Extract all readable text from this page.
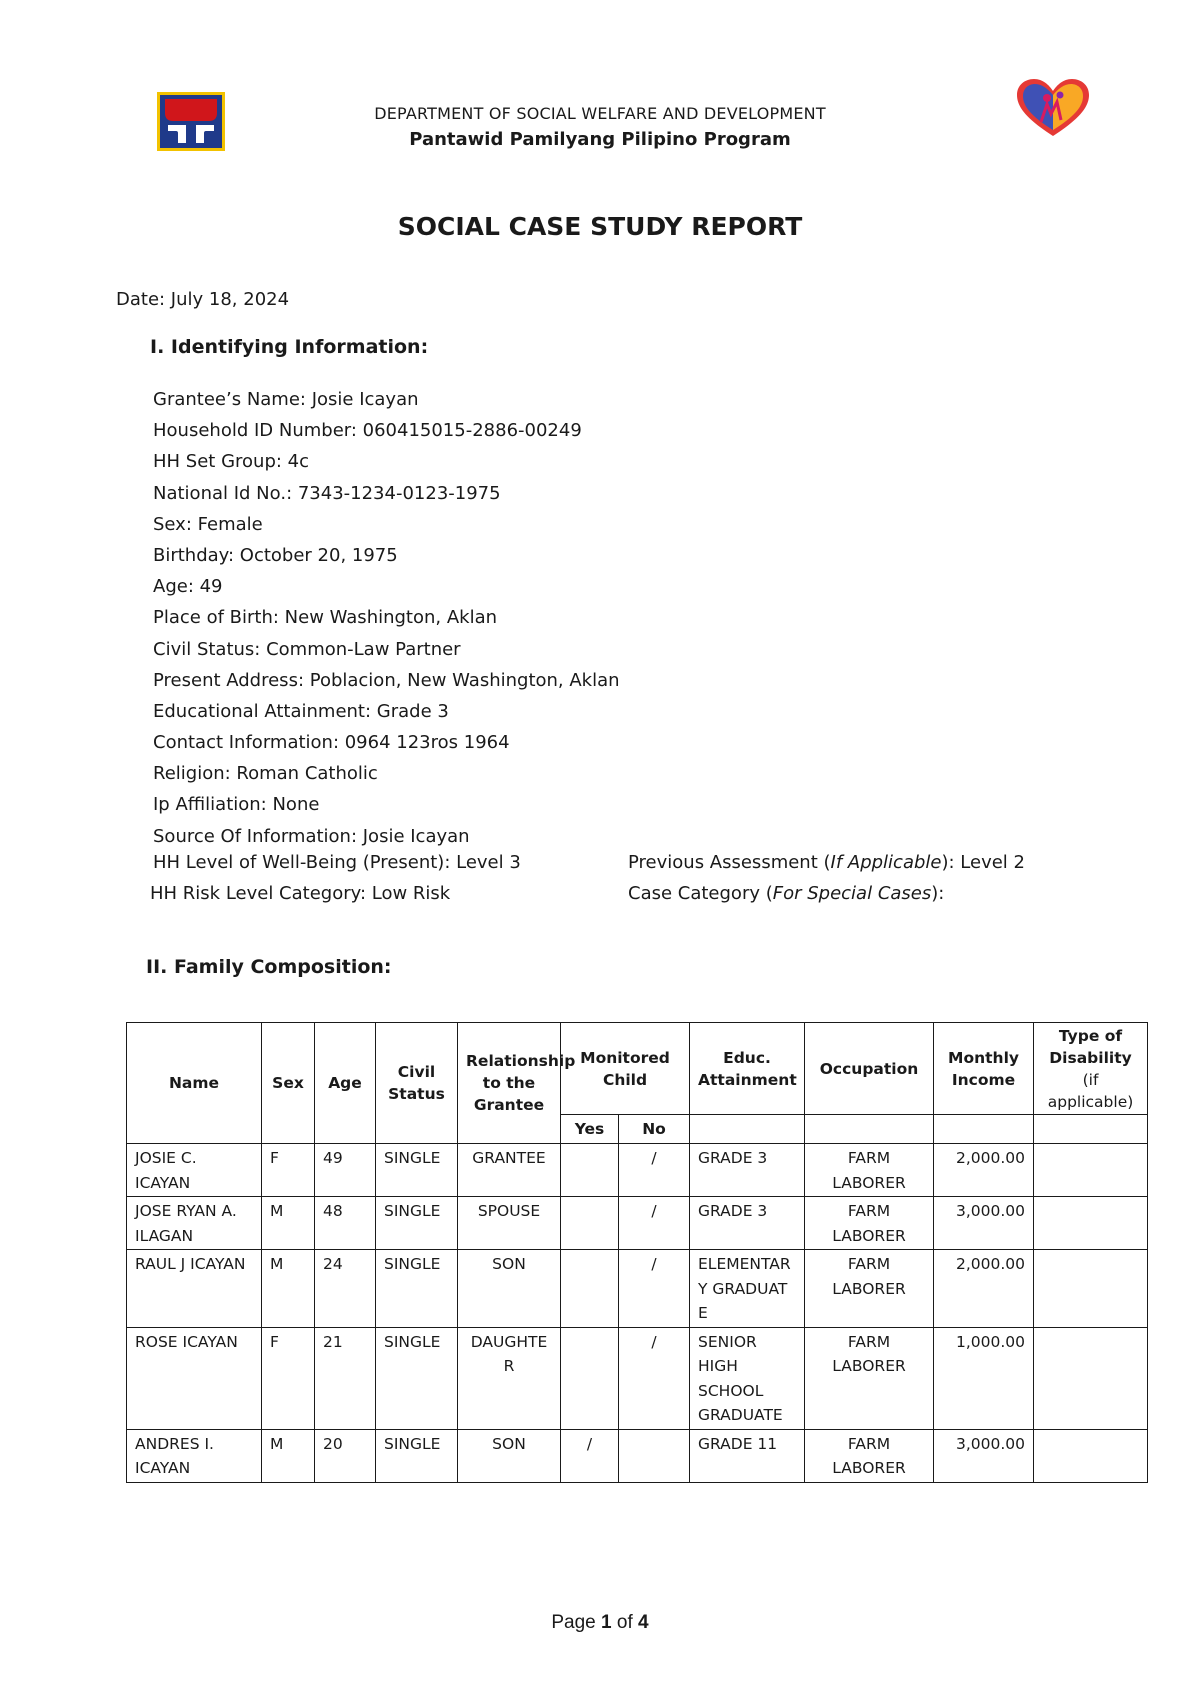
DEPARTMENT OF SOCIAL WELFARE AND DEVELOPMENT
Pantawid Pamilyang Pilipino Program
SOCIAL CASE STUDY REPORT
Date: July 18, 2024
I. Identifying Information:
Grantee’s Name: Josie Icayan
Household ID Number: 060415015-2886-00249
HH Set Group: 4c
National Id No.: 7343-1234-0123-1975
Sex: Female
Birthday: October 20, 1975
Age: 49
Place of Birth: New Washington, Aklan
Civil Status: Common-Law Partner
Present Address: Poblacion, New Washington, Aklan
Educational Attainment: Grade 3
Contact Information: 0964 123ros 1964
Religion: Roman Catholic
Ip Affiliation: None
Source Of Information: Josie Icayan
HH Level of Well-Being (Present): Level 3
HH Risk Level Category: Low Risk
Previous Assessment (If Applicable): Level 2
Case Category (For Special Cases):
II. Family Composition:
Name	Sex	Age	Civil Status	Relationship to the Grantee	Monitored Child		Educ. Attainment	Occupation	Monthly Income	Type of Disability
(if applicable)
					Yes	No				
JOSIE C. ICAYAN	F	49	SINGLE	GRANTEE		/	GRADE 3	FARM LABORER	2,000.00	
JOSE RYAN A. ILAGAN	M	48	SINGLE	SPOUSE		/	GRADE 3	FARM LABORER	3,000.00	
RAUL J ICAYAN	M	24	SINGLE	SON		/	ELEMENTARY GRADUATE	FARM LABORER	2,000.00	
ROSE ICAYAN	F	21	SINGLE	DAUGHTER		/	SENIOR HIGH SCHOOL GRADUATE	FARM LABORER	1,000.00	
ANDRES I. ICAYAN	M	20	SINGLE	SON	/		GRADE 11	FARM LABORER	3,000.00	
Page 1 of 4
